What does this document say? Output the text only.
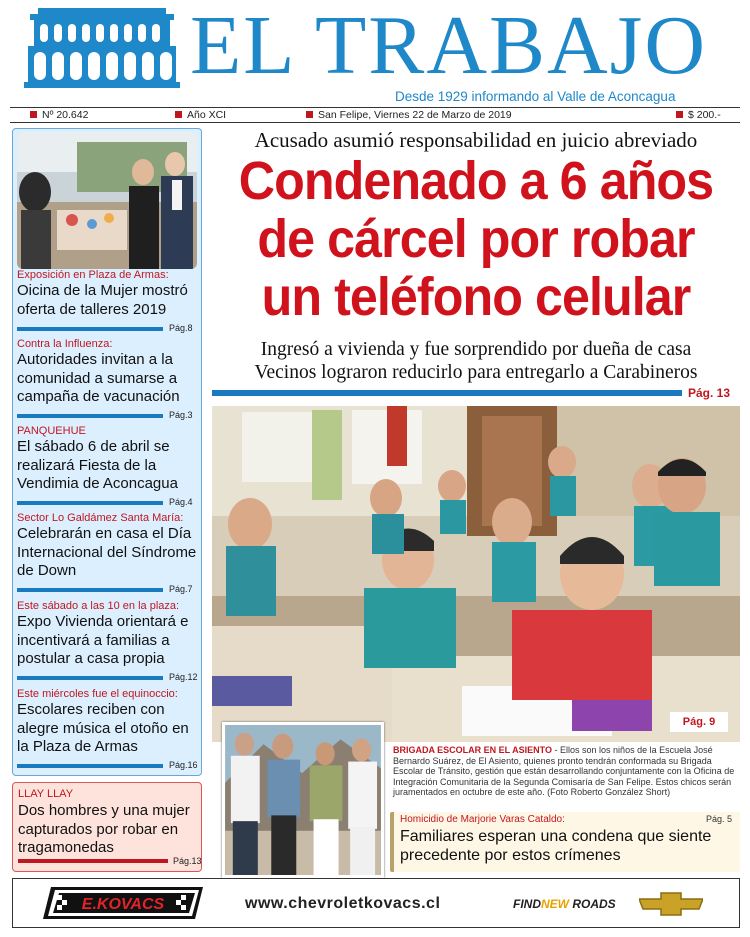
EL TRABAJO
Desde 1929 informando al Valle de Aconcagua
Nº 20.642	Año XCI	San Felipe, Viernes 22 de Marzo de 2019	$ 200.-
Exposición en Plaza de Armas:
Oicina de la Mujer mostró oferta de talleres 2019
Pág.8
Contra la Influenza:
Autoridades invitan a la comunidad a sumarse a campaña de vacunación
Pág.3
PANQUEHUE
El sábado 6 de abril se realizará Fiesta de la Vendimia de Aconcagua
Pág.4
Sector Lo Galdámez Santa María:
Celebrarán en casa el Día Internacional del Síndrome de Down
Pág.7
Este sábado a las 10 en la plaza:
Expo Vivienda orientará e incentivará a familias a postular a casa propia
Pág.12
Este miércoles fue el equinoccio:
Escolares reciben con alegre música el otoño en la Plaza de Armas
Pág.16
LLAY LLAY
Dos hombres y una mujer capturados por robar en tragamonedas
Pág.13
Acusado asumió responsabilidad en juicio abreviado
Condenado a 6 años de cárcel por robar un teléfono celular
Ingresó a vivienda y fue sorprendido por dueña de casa
Vecinos lograron reducirlo para entregarlo a Carabineros
Pág. 13
Pág. 9
BRIGADA ESCOLAR EN EL ASIENTO - Ellos son los niños de la Escuela José Bernardo Suárez, de El Asiento, quienes pronto tendrán conformada su Brigada Escolar de Tránsito, gestión que están desarrollando conjuntamente con la Oficina de Integración Comunitaria de la Segunda Comisaría de San Felipe. Estos chicos serán juramentados en octubre de este año. (Foto Roberto González Short)
Homicidio de Marjorie Varas Cataldo:	Pág. 5
Familiares esperan una condena que siente precedente por estos crímenes
E.KOVACS	www.chevroletkovacs.cl	FINDNEW ROADS
